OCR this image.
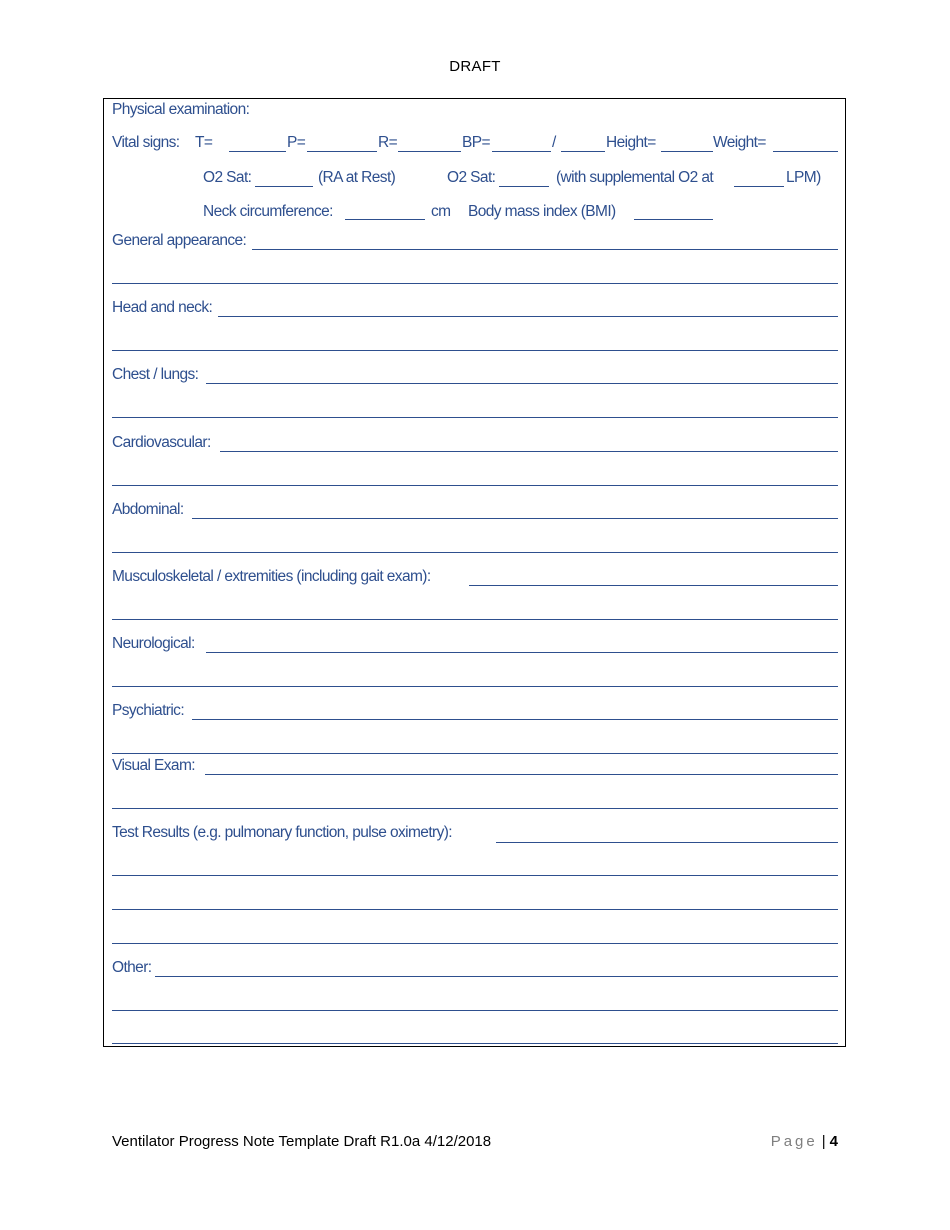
DRAFT
Physical examination:
Vital signs: T=	P=	R=	BP=	/	Height=	Weight=
O2 Sat:	(RA at Rest)	O2 Sat:	(with supplemental O2 at	LPM)
Neck circumference:	cm Body mass index (BMI)
General appearance:
Head and neck:
Chest / lungs:
Cardiovascular:
Abdominal:
Musculoskeletal / extremities (including gait exam):
Neurological:
Psychiatric:
Visual Exam:
Test Results (e.g. pulmonary function, pulse oximetry):
Other:
Ventilator Progress Note Template Draft R1.0a 4/12/2018	Page | 4
